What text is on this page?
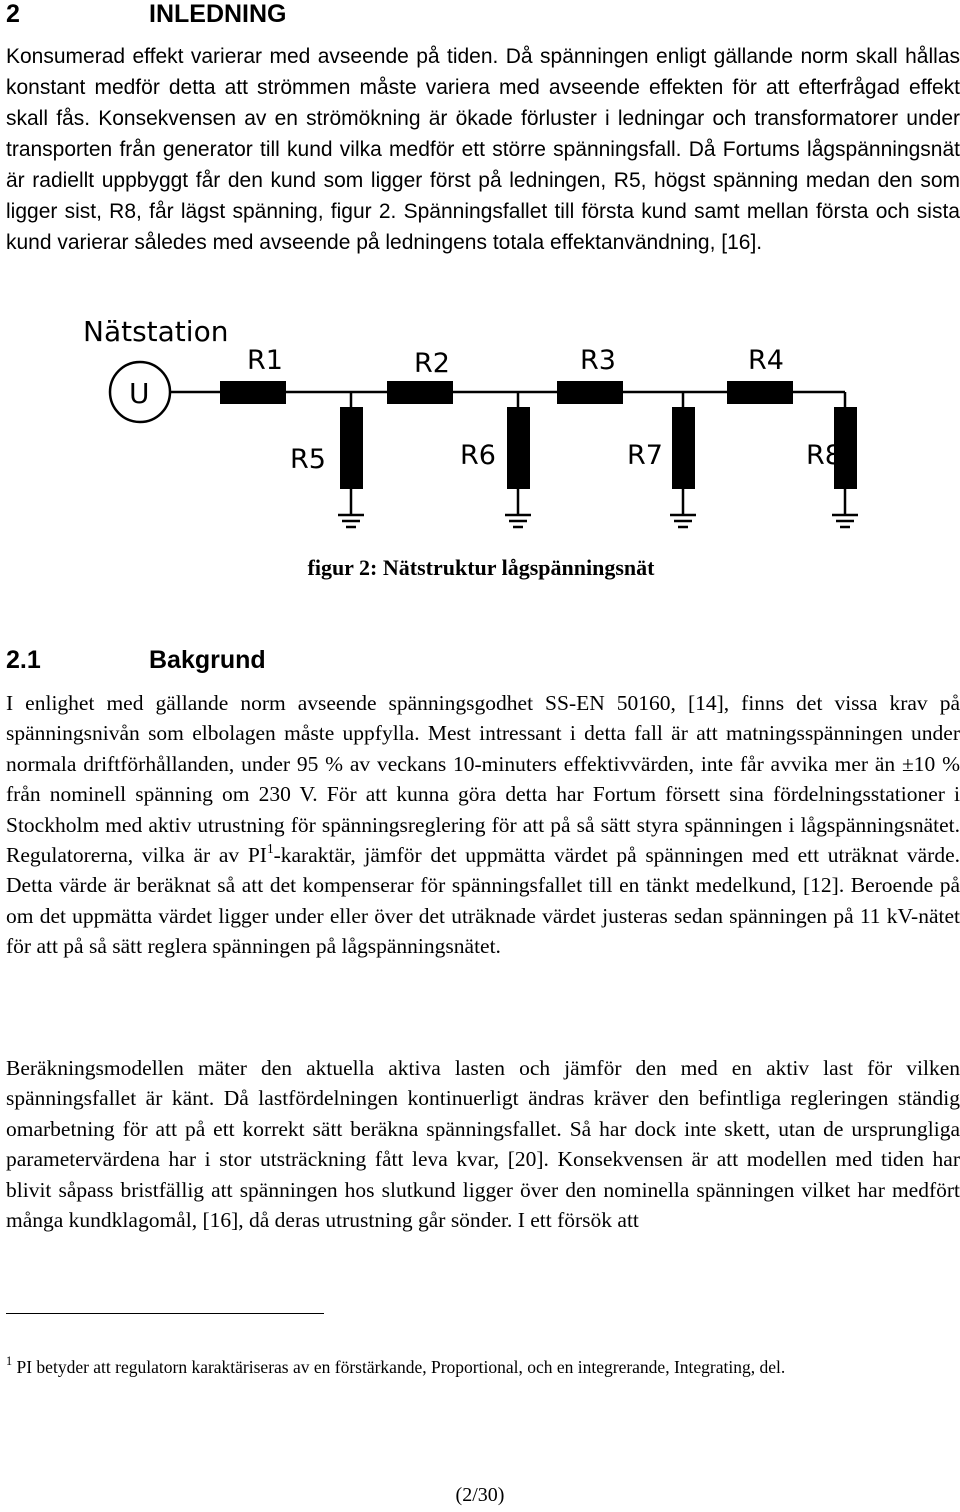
2	INLEDNING

Konsumerad effekt varierar med avseende på tiden. Då spänningen enligt gällande norm skall hållas konstant medför detta att strömmen måste variera med avseende effekten för att efterfrågad effekt skall fås. Konsekvensen av en strömökning är ökade förluster i ledningar och transformatorer under transporten från generator till kund vilka medför ett större spänningsfall. Då Fortums lågspänningsnät är radiellt uppbyggt får den kund som ligger först på ledningen, R5, högst spänning medan den som ligger sist, R8, får lägst spänning, figur 2. Spänningsfallet till första kund samt mellan första och sista kund varierar således med avseende på ledningens totala effektanvändning, [16].

Nätstation
U
R1	R2	R3	R4
R5	R6	R7	R8
figur 2: Nätstruktur lågspänningsnät
2.1	Bakgrund

I enlighet med gällande norm avseende spänningsgodhet SS-EN 50160, [14], finns det vissa krav på spänningsnivån som elbolagen måste uppfylla. Mest intressant i detta fall är att matningsspänningen under normala driftförhållanden, under 95 % av veckans 10-minuters effektivvärden, inte får avvika mer än ±10 % från nominell spänning om 230 V. För att kunna göra detta har Fortum försett sina fördelningsstationer i Stockholm med aktiv utrustning för spänningsreglering för att på så sätt styra spänningen i lågspänningsnätet. Regulatorerna, vilka är av $PI^1$-karaktär, jämför det uppmätta värdet på spänningen med ett uträknat värde. Detta värde är beräknat så att det kompenserar för spänningsfallet till en tänkt medelkund, [12]. Beroende på om det uppmätta värdet ligger under eller över det uträknade värdet justeras sedan spänningen på 11 kV-nätet för att på så sätt reglera spänningen på lågspänningsnätet.

Beräkningsmodellen mäter den aktuella aktiva lasten och jämför den med en aktiv last för vilken spänningsfallet är känt. Då lastfördelningen kontinuerligt ändras kräver den befintliga regleringen ständig omarbetning för att på ett korrekt sätt beräkna spänningsfallet. Så har dock inte skett, utan de ursprungliga parametervärdena har i stor utsträckning fått leva kvar, [20]. Konsekvensen är att modellen med tiden har blivit såpass bristfällig att spänningen hos slutkund ligger över den nominella spänningen vilket har medfört många kundklagomål, [16], då deras utrustning går sönder. I ett försök att

$^1$ PI betyder att regulatorn karaktäriseras av en förstärkande, Proportional, och en integrerande, Integrating, del.

(2/30)
